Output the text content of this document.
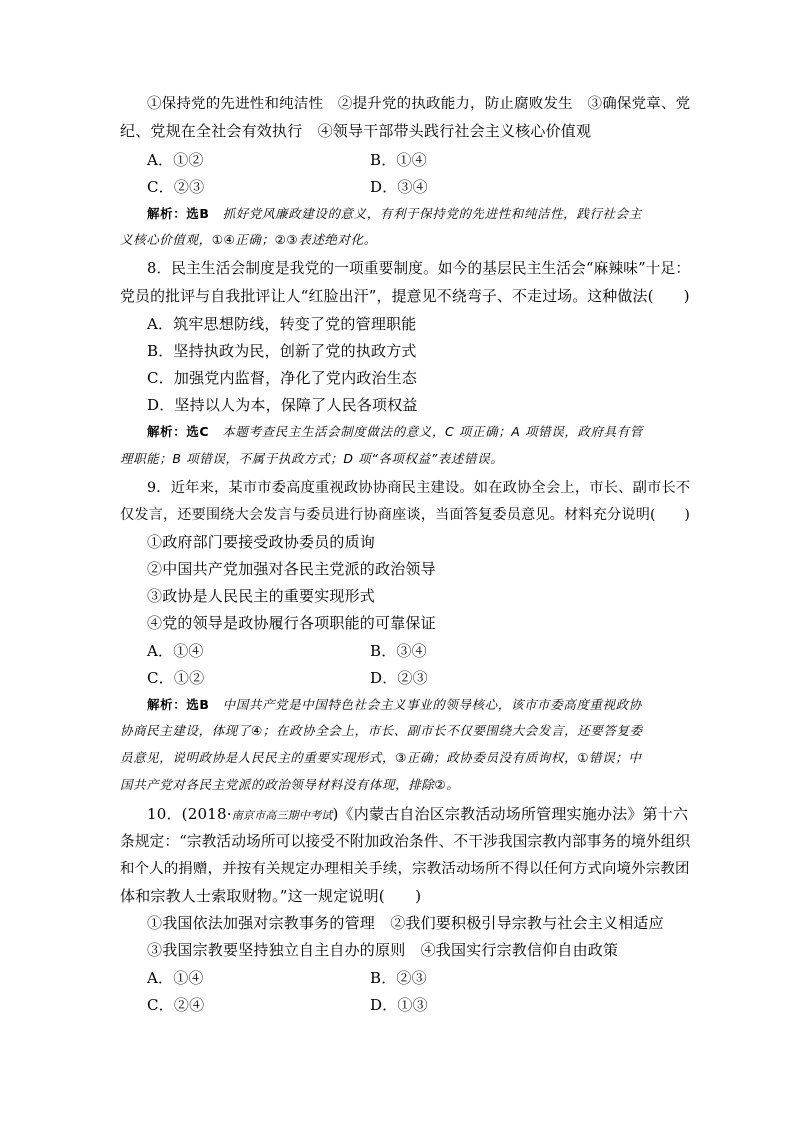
①保持党的先进性和纯洁性　②提升党的执政能力，防止腐败发生　③确保党章、党
纪、党规在全社会有效执行　④领导干部带头践行社会主义核心价值观
A．①②	B．①④
C．②③	D．③④
解析：选B　 抓好党风廉政建设的意义，有利于保持党的先进性和纯洁性，践行社会主
义核心价值观，①④正确；②③表述绝对化。
8．民主生活会制度是我党的一项重要制度。如今的基层民主生活会“麻辣味”十足：
党员的批评与自我批评让人“红脸出汗”，提意见不绕弯子、不走过场。这种做法(　　)
A．筑牢思想防线，转变了党的管理职能
B．坚持执政为民，创新了党的执政方式
C．加强党内监督，净化了党内政治生态
D．坚持以人为本，保障了人民各项权益
解析：选C　 本题考查民主生活会制度做法的意义，C 项正确；A 项错误，政府具有管
理职能；B 项错误，不属于执政方式；D 项“各项权益”表述错误。
9．近年来，某市市委高度重视政协协商民主建设。如在政协全会上，市长、副市长不
仅发言，还要围绕大会发言与委员进行协商座谈，当面答复委员意见。材料充分说明(　　)
①政府部门要接受政协委员的质询
②中国共产党加强对各民主党派的政治领导
③政协是人民民主的重要实现形式
④党的领导是政协履行各项职能的可靠保证
A．①④	B．③④
C．①②	D．②③
解析：选B　 中国共产党是中国特色社会主义事业的领导核心，该市市委高度重视政协
协商民主建设，体现了④；在政协全会上，市长、副市长不仅要围绕大会发言，还要答复委
员意见，说明政协是人民民主的重要实现形式，③正确；政协委员没有质询权，①错误；中
国共产党对各民主党派的政治领导材料没有体现，排除②。
10．(2018·南京市高三期中考试)《内蒙古自治区宗教活动场所管理实施办法》第十六
条规定：“宗教活动场所可以接受不附加政治条件、不干涉我国宗教内部事务的境外组织
和个人的捐赠，并按有关规定办理相关手续，宗教活动场所不得以任何方式向境外宗教团
体和宗教人士索取财物。”这一规定说明(　　)
①我国依法加强对宗教事务的管理　②我们要积极引导宗教与社会主义相适应
③我国宗教要坚持独立自主自办的原则　④我国实行宗教信仰自由政策
A．①④	B．②③
C．②④	D．①③
